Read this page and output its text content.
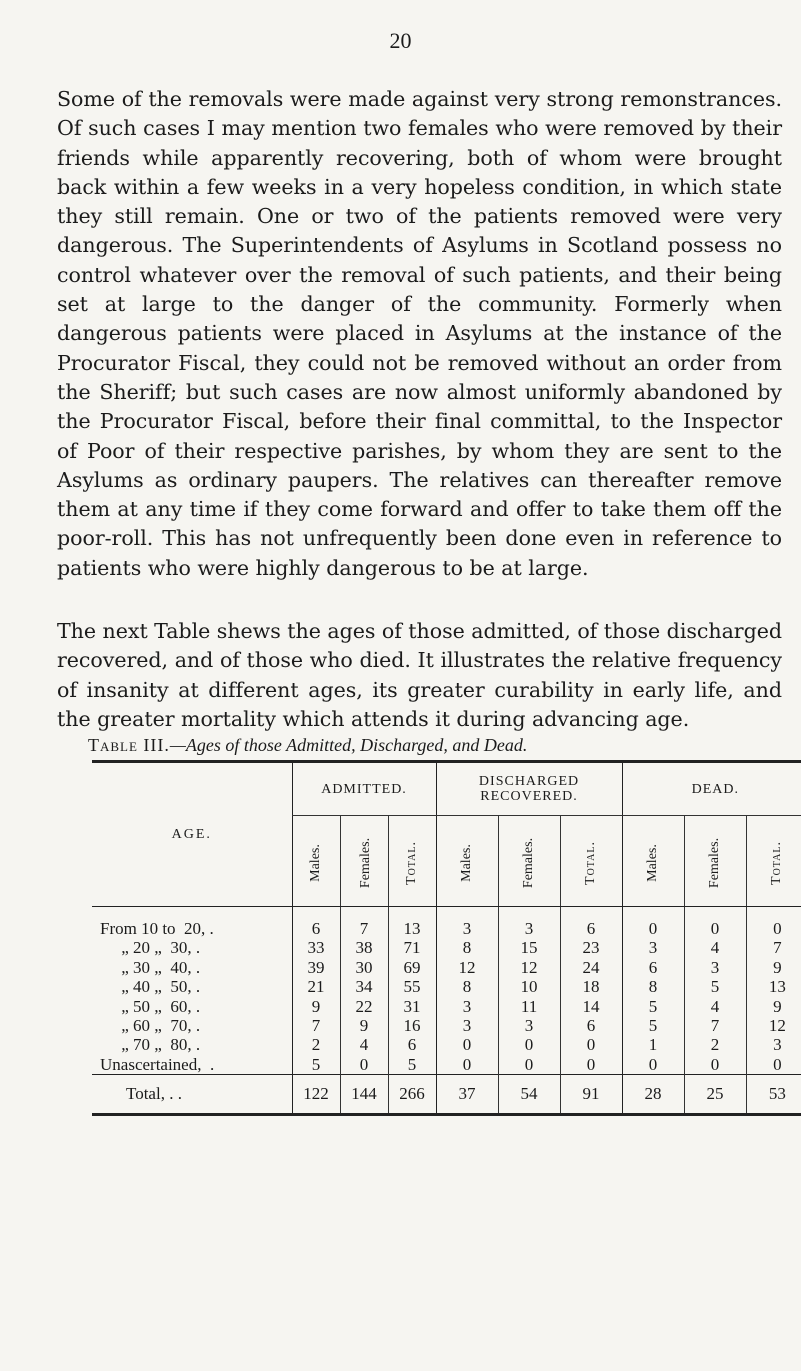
20

Some of the removals were made against very strong remonstrances. Of such cases I may mention two females who were removed by their friends while apparently recovering, both of whom were brought back within a few weeks in a very hopeless condition, in which state they still remain. One or two of the patients removed were very dangerous. The Superintendents of Asylums in Scotland possess no control whatever over the removal of such patients, and their being set at large to the danger of the community. Formerly when dangerous patients were placed in Asylums at the instance of the Procurator Fiscal, they could not be removed without an order from the Sheriff; but such cases are now almost uniformly abandoned by the Procurator Fiscal, before their final committal, to the Inspector of Poor of their respective parishes, by whom they are sent to the Asylums as ordinary paupers. The relatives can thereafter remove them at any time if they come forward and offer to take them off the poor-roll. This has not unfrequently been done even in reference to patients who were highly dangerous to be at large.

The next Table shews the ages of those admitted, of those discharged recovered, and of those who died. It illustrates the relative frequency of insanity at different ages, its greater curability in early life, and the greater mortality which attends it during advancing age.

Table III.—Ages of those Admitted, Discharged, and Dead.
AGE.	ADMITTED.			DISCHARGED RECOVERED.			DEAD.		
	Males.	Females.	Total.	Males.	Females.	Total.	Males.	Females.	Total.

From 10 to  20, .	6	7	13	3	3	6	0	0	0
„ 20 „  30, .	33	38	71	8	15	23	3	4	7
„ 30 „  40, .	39	30	69	12	12	24	6	3	9
„ 40 „  50, .	21	34	55	8	10	18	8	5	13
„ 50 „  60, .	9	22	31	3	11	14	5	4	9
„ 60 „  70, .	7	9	16	3	3	6	5	7	12
„ 70 „  80, .	2	4	6	0	0	0	1	2	3
Unascertained,  .	5	0	5	0	0	0	0	0	0
Total, . .	122	144	266	37	54	91	28	25	53
